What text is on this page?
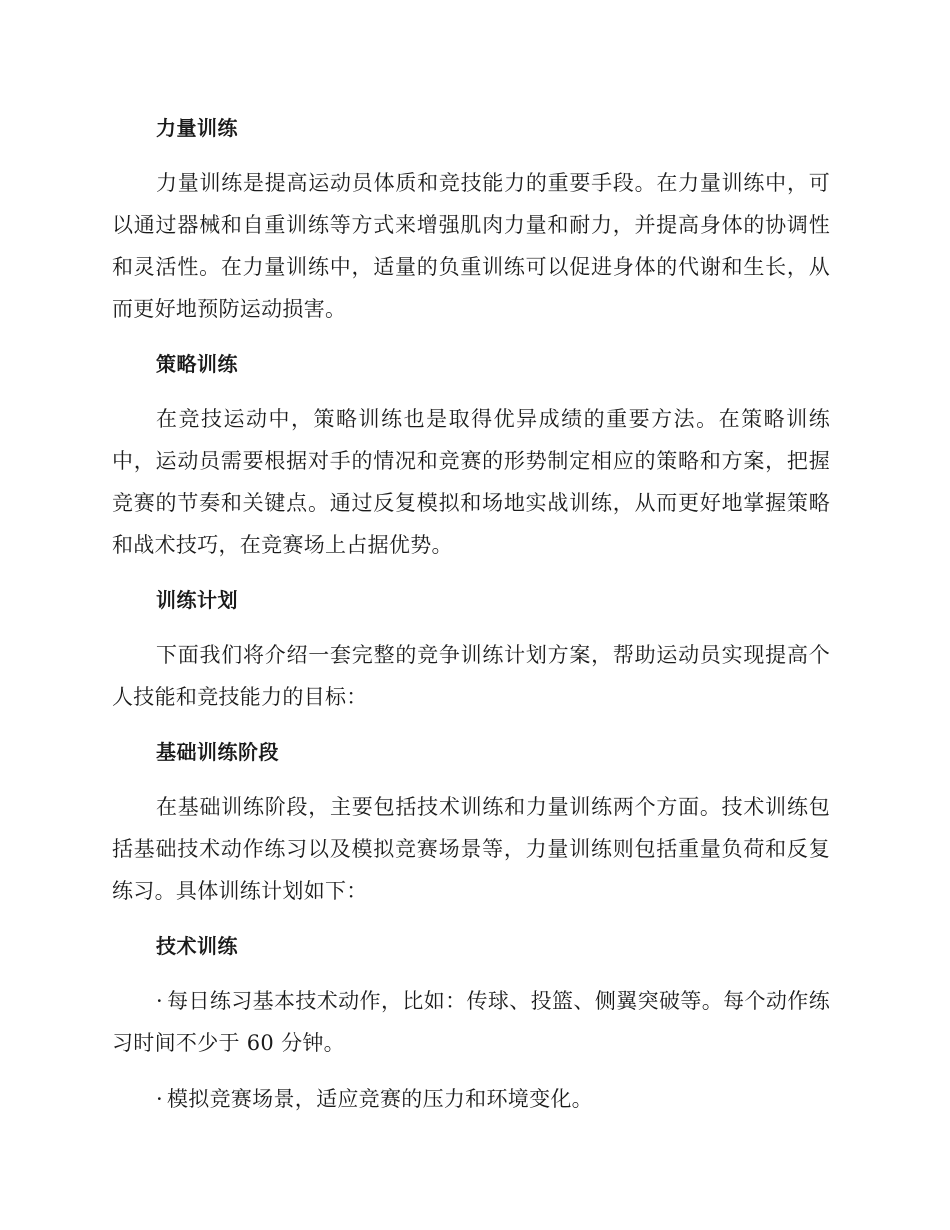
力量训练

力量训练是提高运动员体质和竞技能力的重要手段。在力量训练中，可以通过器械和自重训练等方式来增强肌肉力量和耐力，并提高身体的协调性和灵活性。在力量训练中，适量的负重训练可以促进身体的代谢和生长，从而更好地预防运动损害。

策略训练

在竞技运动中，策略训练也是取得优异成绩的重要方法。在策略训练中，运动员需要根据对手的情况和竞赛的形势制定相应的策略和方案，把握竞赛的节奏和关键点。通过反复模拟和场地实战训练，从而更好地掌握策略和战术技巧，在竞赛场上占据优势。

训练计划

下面我们将介绍一套完整的竞争训练计划方案，帮助运动员实现提高个人技能和竞技能力的目标：

基础训练阶段

在基础训练阶段，主要包括技术训练和力量训练两个方面。技术训练包括基础技术动作练习以及模拟竞赛场景等，力量训练则包括重量负荷和反复练习。具体训练计划如下：

技术训练

· 每日练习基本技术动作，比如：传球、投篮、侧翼突破等。每个动作练习时间不少于 60 分钟。

· 模拟竞赛场景，适应竞赛的压力和环境变化。
